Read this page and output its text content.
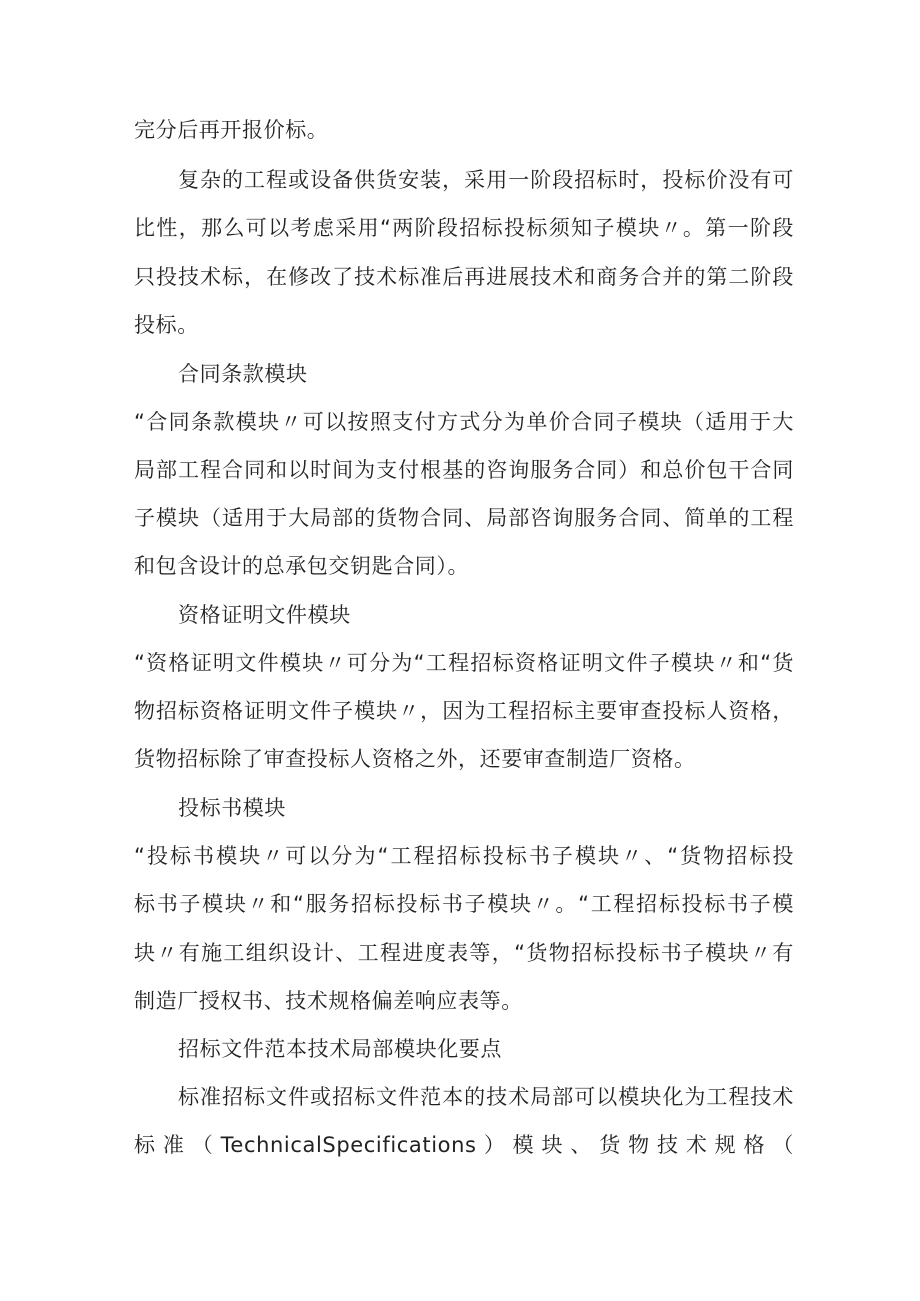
完分后再开报价标。
复杂的工程或设备供货安装，采用一阶段招标时，投标价没有可
比性，那么可以考虑采用“两阶段招标投标须知子模块〃。第一阶段
只投技术标，在修改了技术标准后再进展技术和商务合并的第二阶段
投标。
合同条款模块
“合同条款模块〃可以按照支付方式分为单价合同子模块（适用于大
局部工程合同和以时间为支付根基的咨询服务合同）和总价包干合同
子模块（适用于大局部的货物合同、局部咨询服务合同、简单的工程
和包含设计的总承包交钥匙合同）。
资格证明文件模块
“资格证明文件模块〃可分为“工程招标资格证明文件子模块〃和“货
物招标资格证明文件子模块〃，因为工程招标主要审查投标人资格，
货物招标除了审查投标人资格之外，还要审查制造厂资格。
投标书模块
“投标书模块〃可以分为“工程招标投标书子模块〃、“货物招标投
标书子模块〃和“服务招标投标书子模块〃。“工程招标投标书子模
块〃有施工组织设计、工程进度表等，“货物招标投标书子模块〃有
制造厂授权书、技术规格偏差响应表等。
招标文件范本技术局部模块化要点
标准招标文件或招标文件范本的技术局部可以模块化为工程技术
标准（TechnicalSpecifications）模块、货物技术规格（
